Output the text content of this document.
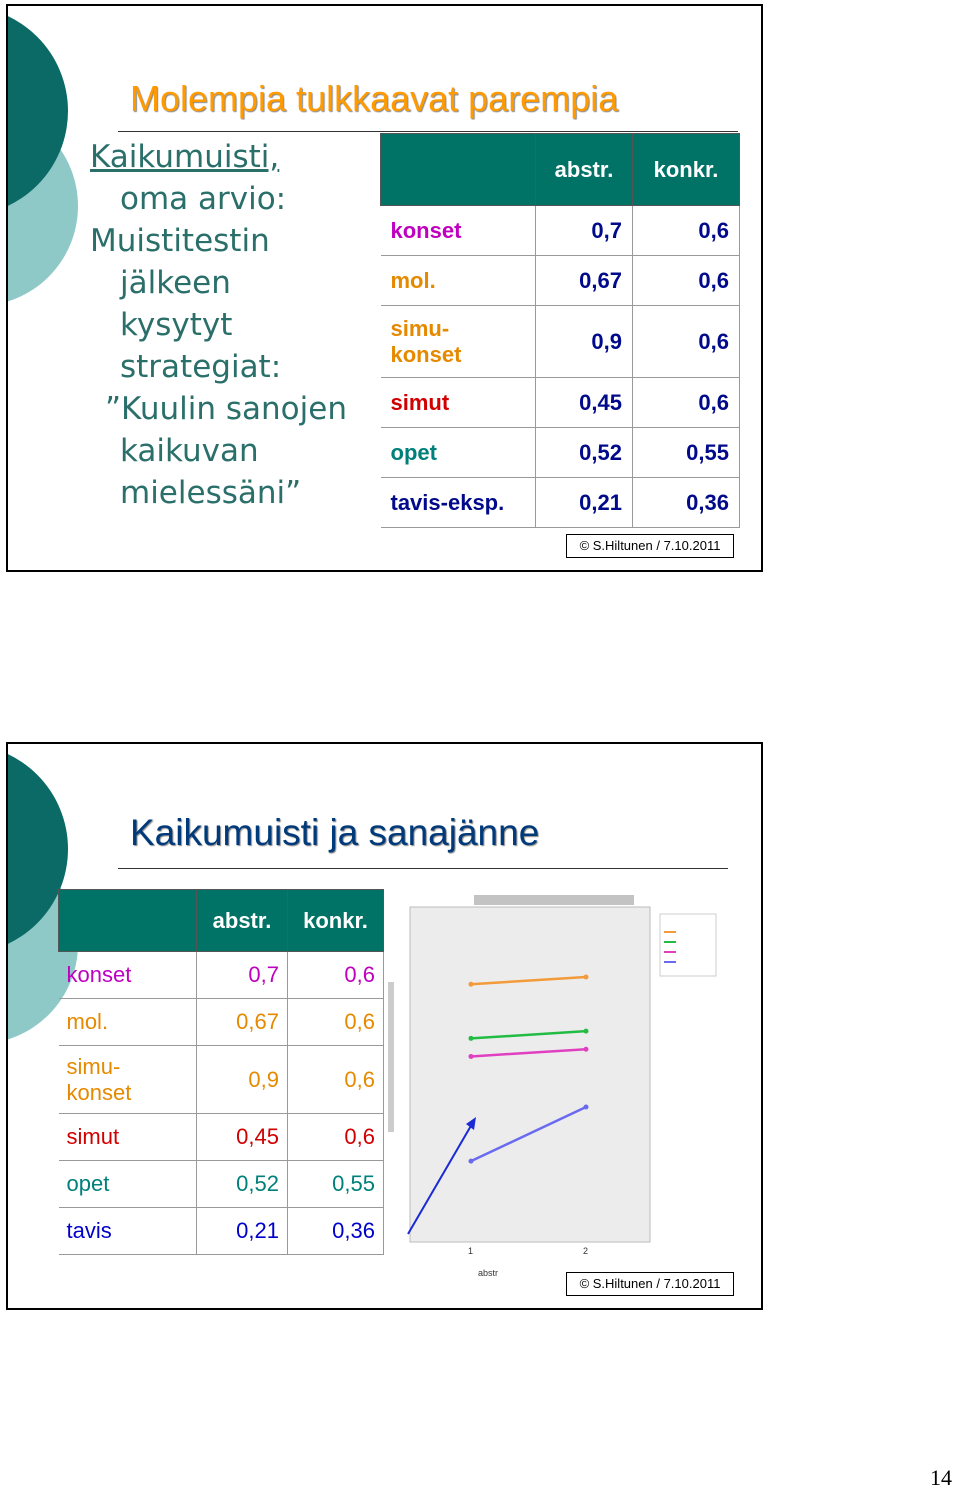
Molempia tulkkaavat parempia
Kaikumuisti,
oma arvio:
Muistitestin
jälkeen
kysytyt
strategiat:
”Kuulin sanojen
kaikuvan
mielessäni”
	abstr.	konkr.
konset	0,7	0,6
mol.	0,67	0,6
simu-
konset	0,9	0,6
simut	0,45	0,6
opet	0,52	0,55
tavis-eksp.	0,21	0,36
© S.Hiltunen / 7.10.2011
Kaikumuisti ja sanajänne
	abstr.	konkr.
konset	0,7	0,6
mol.	0,67	0,6
simu-
konset	0,9	0,6
simut	0,45	0,6
opet	0,52	0,55
tavis	0,21	0,36
abstr
1	2
© S.Hiltunen / 7.10.2011
14
